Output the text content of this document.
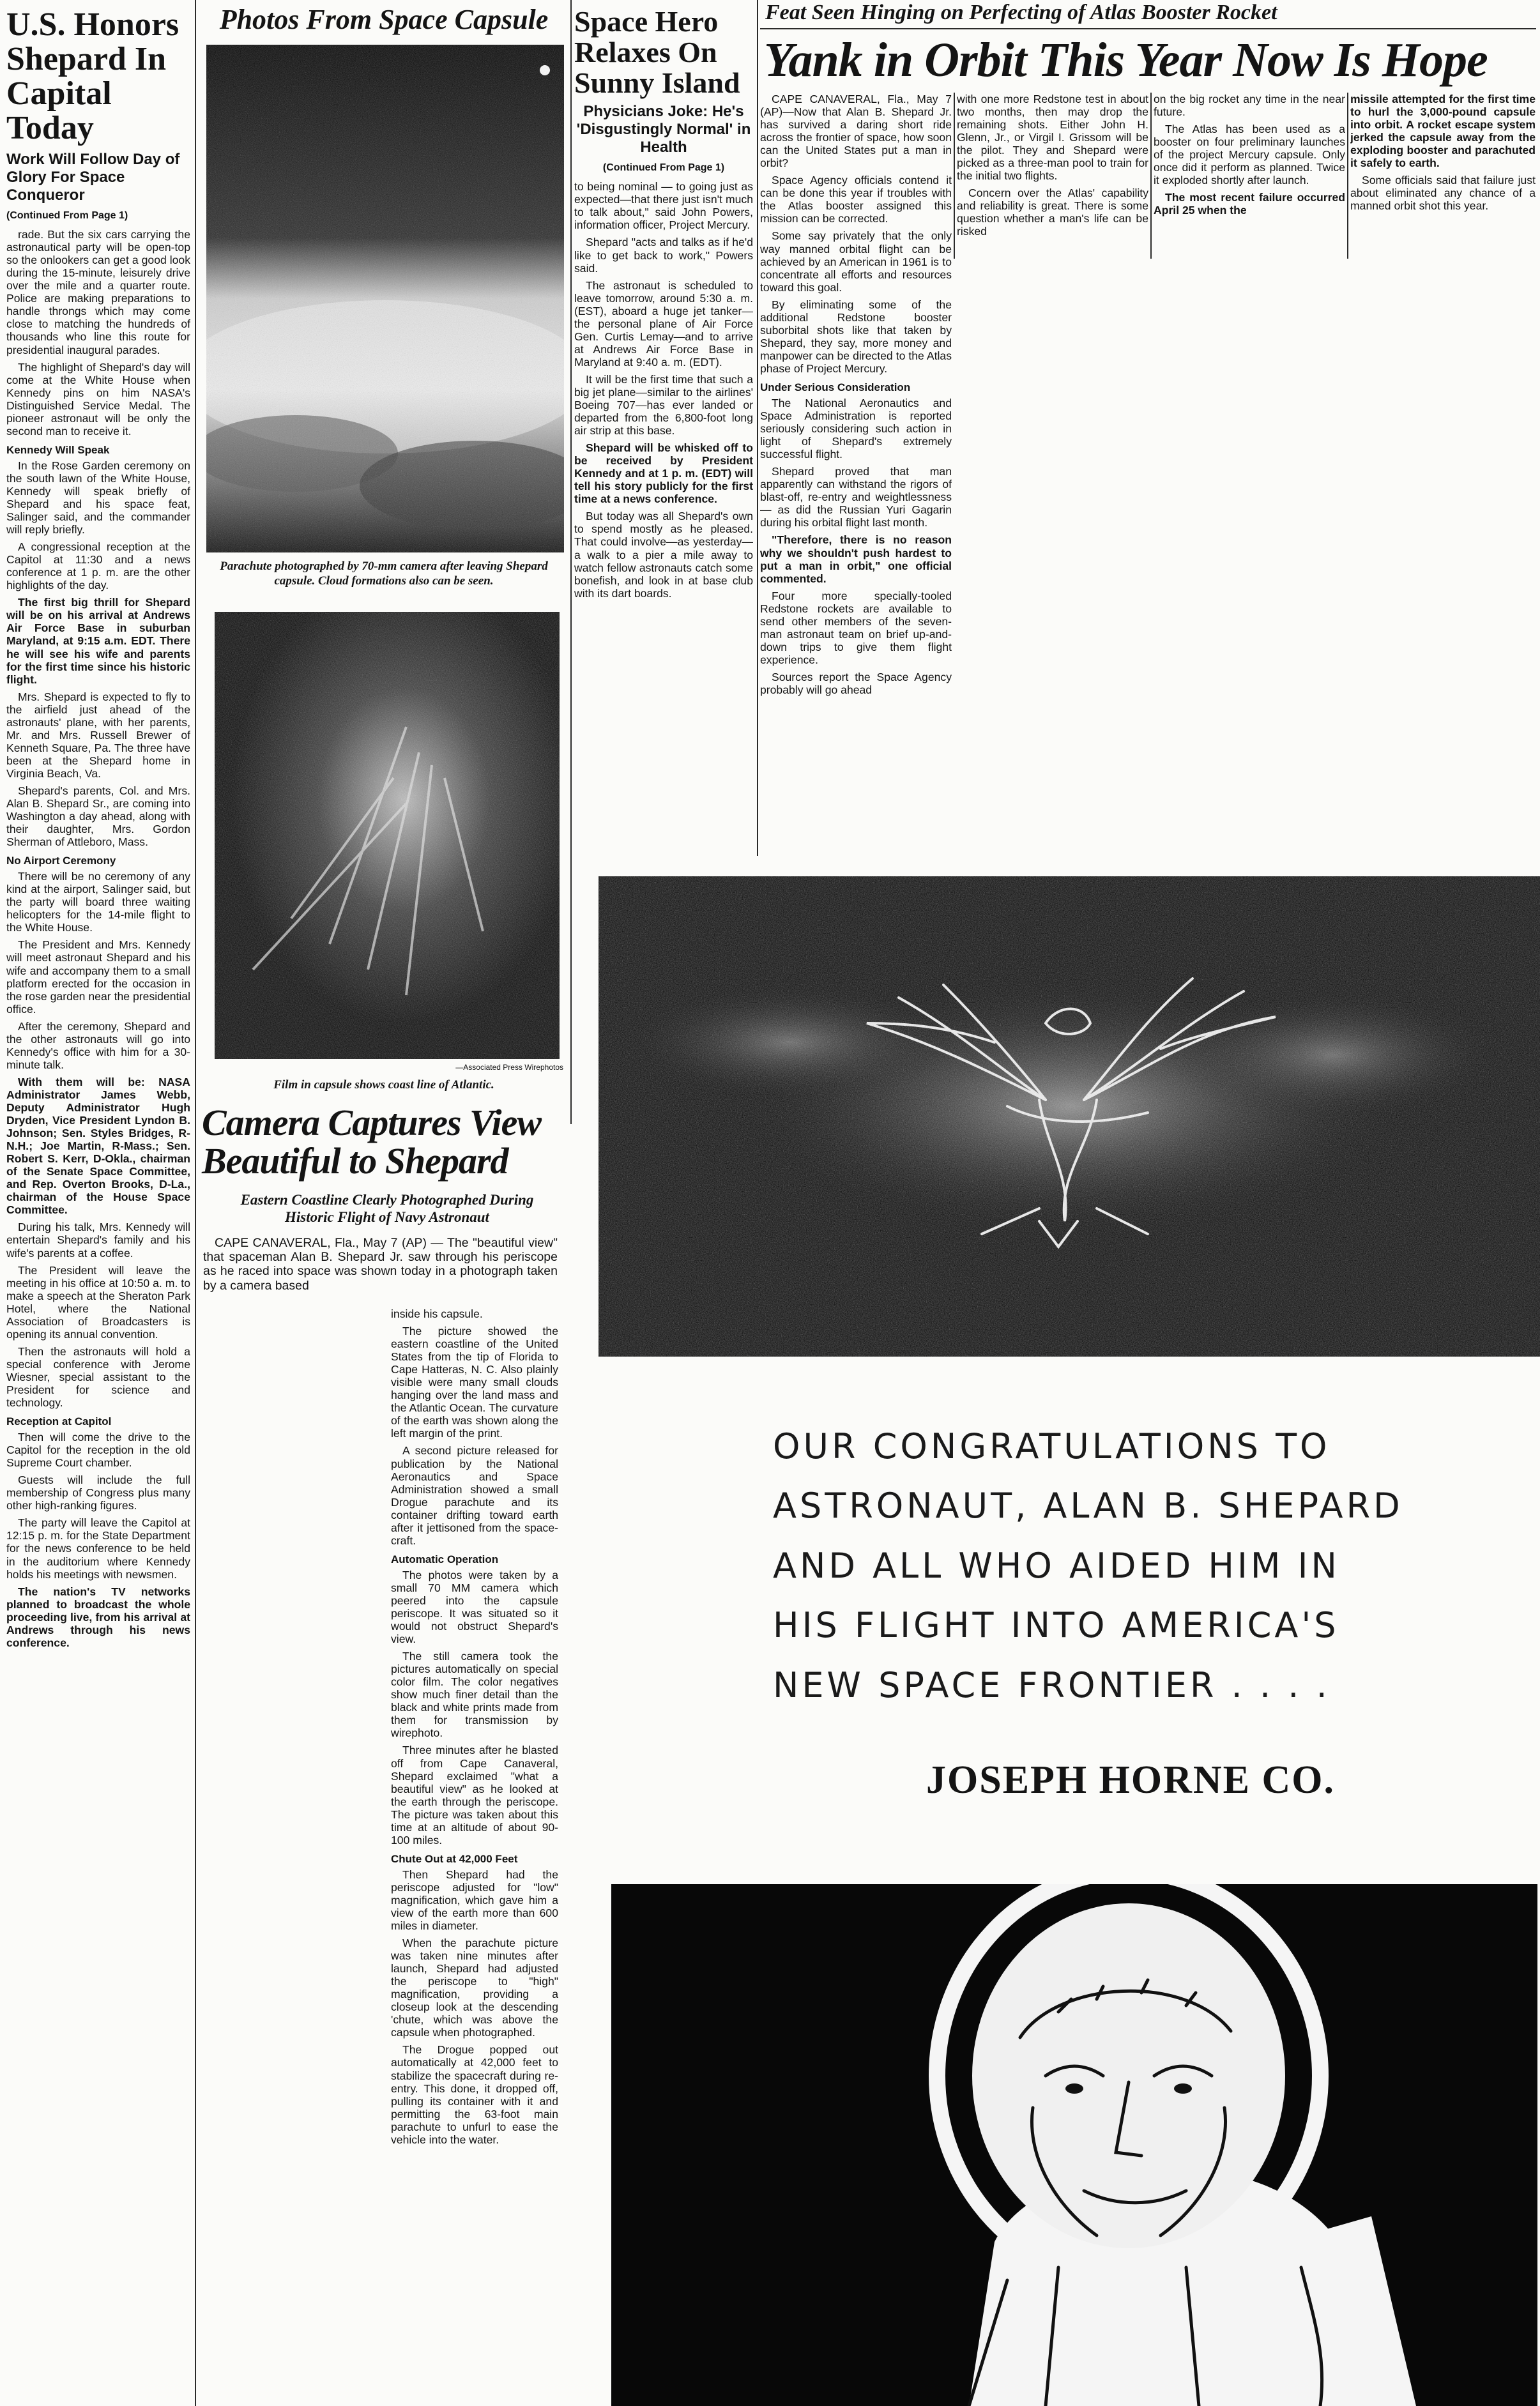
U.S. Honors Shepard In Capital Today
Work Will Follow Day of Glory For Space Conqueror
(Continued From Page 1)

rade. But the six cars carrying the astronautical party will be open-top so the onlookers can get a good look during the 15-minute, leisurely drive over the mile and a quarter route. Police are making preparations to handle throngs which may come close to matching the hundreds of thousands who line this route for presidential inaugural parades.

The highlight of Shepard's day will come at the White House when Kennedy pins on him NASA's Distinguished Service Medal. The pioneer astronaut will be only the second man to receive it.

Kennedy Will Speak

In the Rose Garden ceremony on the south lawn of the White House, Kennedy will speak briefly of Shepard and his space feat, Salinger said, and the commander will reply briefly.

A congressional reception at the Capitol at 11:30 and a news conference at 1 p. m. are the other highlights of the day.

The first big thrill for Shepard will be on his arrival at Andrews Air Force Base in suburban Maryland, at 9:15 a.m. EDT. There he will see his wife and parents for the first time since his historic flight.

Mrs. Shepard is expected to fly to the airfield just ahead of the astronauts' plane, with her parents, Mr. and Mrs. Russell Brewer of Kenneth Square, Pa. The three have been at the Shepard home in Virginia Beach, Va.

Shepard's parents, Col. and Mrs. Alan B. Shepard Sr., are coming into Washington a day ahead, along with their daughter, Mrs. Gordon Sherman of Attleboro, Mass.

No Airport Ceremony

There will be no ceremony of any kind at the airport, Salinger said, but the party will board three waiting helicopters for the 14-mile flight to the White House.

The President and Mrs. Kennedy will meet astronaut Shepard and his wife and accompany them to a small platform erected for the occasion in the rose garden near the presidential office.

After the ceremony, Shepard and the other astronauts will go into Kennedy's office with him for a 30-minute talk.

With them will be: NASA Administrator James Webb, Deputy Administrator Hugh Dryden, Vice President Lyndon B. Johnson; Sen. Styles Bridges, R-N.H.; Joe Martin, R-Mass.; Sen. Robert S. Kerr, D-Okla., chairman of the Senate Space Committee, and Rep. Overton Brooks, D-La., chairman of the House Space Committee.

During his talk, Mrs. Kennedy will entertain Shepard's family and his wife's parents at a coffee.

The President will leave the meeting in his office at 10:50 a. m. to make a speech at the Sheraton Park Hotel, where the National Association of Broadcasters is opening its annual convention.

Then the astronauts will hold a special conference with Jerome Wiesner, special assistant to the President for science and technology.

Reception at Capitol

Then will come the drive to the Capitol for the reception in the old Supreme Court chamber.

Guests will include the full membership of Congress plus many other high-ranking figures.

The party will leave the Capitol at 12:15 p. m. for the State Department for the news conference to be held in the auditorium where Kennedy holds his meetings with newsmen.

The nation's TV networks planned to broadcast the whole proceeding live, from his arrival at Andrews through his news conference.

Photos From Space Capsule
Parachute photographed by 70-mm camera after leaving Shepard capsule. Cloud formations also can be seen.
—Associated Press Wirephotos
Film in capsule shows coast line of Atlantic.
Camera Captures View Beautiful to Shepard
Eastern Coastline Clearly Photographed During Historic Flight of Navy Astronaut

CAPE CANAVERAL, Fla., May 7 (AP) — The "beautiful view" that spaceman Alan B. Shepard Jr. saw through his periscope as he raced into space was shown today in a photograph taken by a camera based

inside his capsule.

The picture showed the eastern coastline of the United States from the tip of Florida to Cape Hatteras, N. C. Also plainly visible were many small clouds hanging over the land mass and the Atlantic Ocean. The curvature of the earth was shown along the left margin of the print.

A second picture released for publication by the National Aeronautics and Space Administration showed a small Drogue parachute and its container drifting toward earth after it jettisoned from the space-craft.

Automatic Operation

The photos were taken by a small 70 MM camera which peered into the capsule periscope. It was situated so it would not obstruct Shepard's view.

The still camera took the pictures automatically on special color film. The color negatives show much finer detail than the black and white prints made from them for transmission by wirephoto.

Three minutes after he blasted off from Cape Canaveral, Shepard exclaimed "what a beautiful view" as he looked at the earth through the periscope. The picture was taken about this time at an altitude of about 90-100 miles.

Chute Out at 42,000 Feet

Then Shepard had the periscope adjusted for "low" magnification, which gave him a view of the earth more than 600 miles in diameter.

When the parachute picture was taken nine minutes after launch, Shepard had adjusted the periscope to "high" magnification, providing a closeup look at the descending 'chute, which was above the capsule when photographed.

The Drogue popped out automatically at 42,000 feet to stabilize the spacecraft during re-entry. This done, it dropped off, pulling its container with it and permitting the 63-foot main parachute to unfurl to ease the vehicle into the water.

Space Hero Relaxes On Sunny Island
Physicians Joke: He's 'Disgustingly Normal' in Health
(Continued From Page 1)

to being nominal — to going just as expected—that there just isn't much to talk about," said John Powers, information officer, Project Mercury.

Shepard "acts and talks as if he'd like to get back to work," Powers said.

The astronaut is scheduled to leave tomorrow, around 5:30 a. m. (EST), aboard a huge jet tanker—the personal plane of Air Force Gen. Curtis Lemay—and to arrive at Andrews Air Force Base in Maryland at 9:40 a. m. (EDT).

It will be the first time that such a big jet plane—similar to the airlines' Boeing 707—has ever landed or departed from the 6,800-foot long air strip at this base.

Shepard will be whisked off to be received by President Kennedy and at 1 p. m. (EDT) will tell his story publicly for the first time at a news conference.

But today was all Shepard's own to spend mostly as he pleased. That could involve—as yesterday—a walk to a pier a mile away to watch fellow astronauts catch some bonefish, and look in at base club with its dart boards.

Feat Seen Hinging on Perfecting of Atlas Booster Rocket
Yank in Orbit This Year Now Is Hope

CAPE CANAVERAL, Fla., May 7 (AP)—Now that Alan B. Shepard Jr. has survived a daring short ride across the frontier of space, how soon can the United States put a man in orbit?

Space Agency officials contend it can be done this year if troubles with the Atlas booster assigned this mission can be corrected.

Some say privately that the only way manned orbital flight can be achieved by an American in 1961 is to concentrate all efforts and resources toward this goal.

By eliminating some of the additional Redstone booster suborbital shots like that taken by Shepard, they say, more money and manpower can be directed to the Atlas phase of Project Mercury.

Under Serious Consideration

The National Aeronautics and Space Administration is reported seriously considering such action in light of Shepard's extremely successful flight.

Shepard proved that man apparently can withstand the rigors of blast-off, re-entry and weightlessness — as did the Russian Yuri Gagarin during his orbital flight last month.

"Therefore, there is no reason why we shouldn't push hardest to put a man in orbit," one official commented.

Four more specially-tooled Redstone rockets are available to send other members of the seven-man astronaut team on brief up-and-down trips to give them flight experience.

Sources report the Space Agency probably will go ahead

with one more Redstone test in about two months, then may drop the remaining shots. Either John H. Glenn, Jr., or Virgil I. Grissom will be the pilot. They and Shepard were picked as a three-man pool to train for the initial two flights.

Concern over the Atlas' capability and reliability is great. There is some question whether a man's life can be risked

on the big rocket any time in the near future.

The Atlas has been used as a booster on four preliminary launches of the project Mercury capsule. Only once did it perform as planned. Twice it exploded shortly after launch.

The most recent failure occurred April 25 when the

missile attempted for the first time to hurl the 3,000-pound capsule into orbit. A rocket escape system jerked the capsule away from the exploding booster and parachuted it safely to earth.

Some officials said that failure just about eliminated any chance of a manned orbit shot this year.

OUR CONGRATULATIONS TO
ASTRONAUT, ALAN B. SHEPARD
AND ALL WHO AIDED HIM IN
HIS FLIGHT INTO AMERICA'S
NEW SPACE FRONTIER . . . .
JOSEPH HORNE CO.
